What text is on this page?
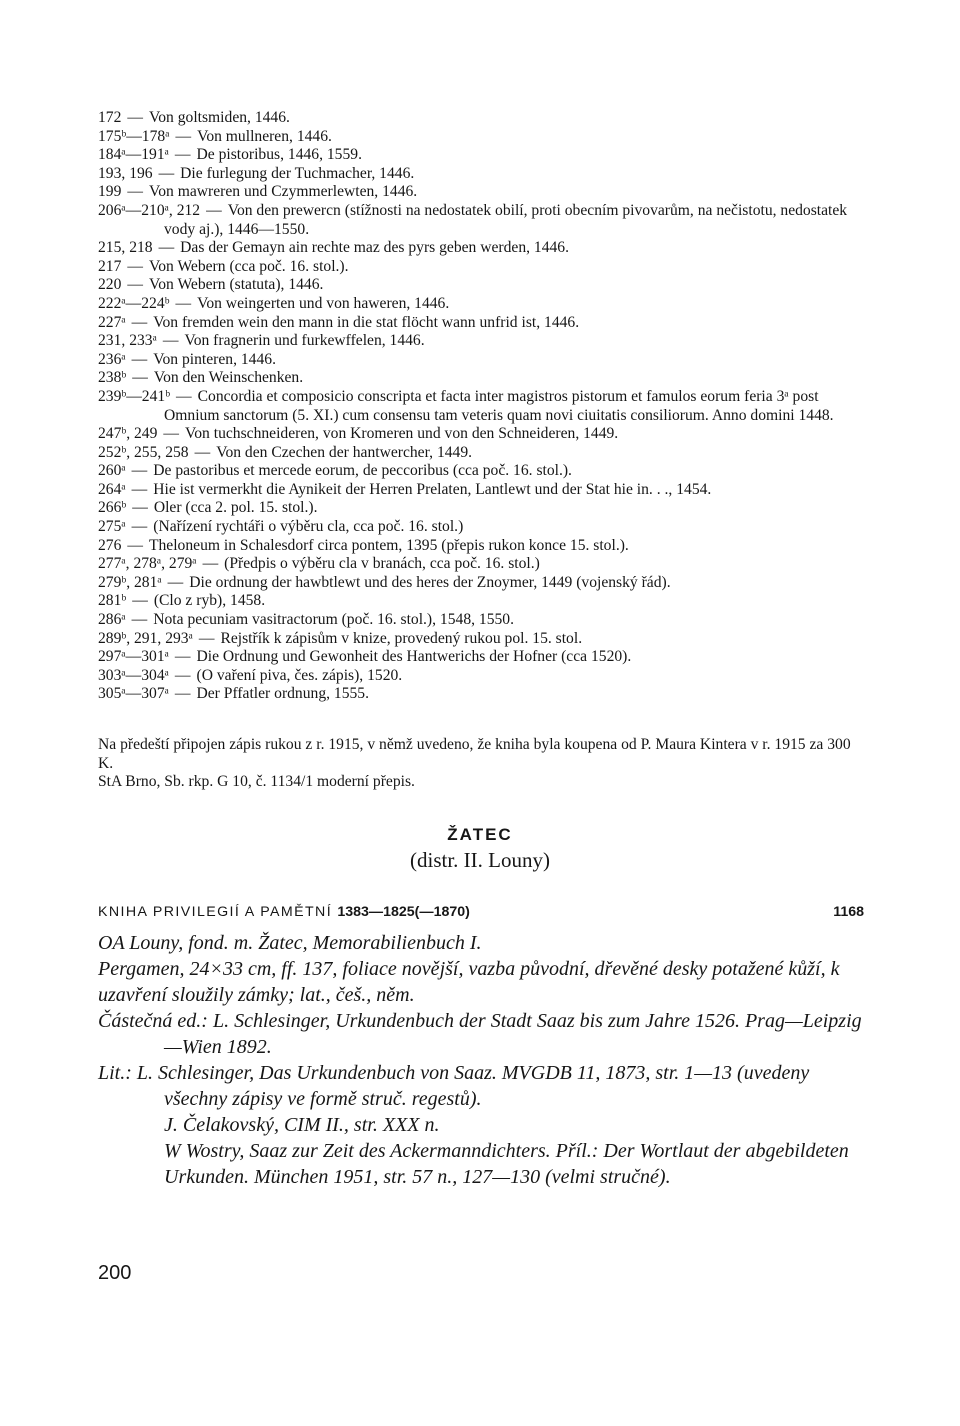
172 — Von goltsmiden, 1446.
175ᵇ—178ᵃ — Von mullneren, 1446.
184ᵃ—191ᵃ — De pistoribus, 1446, 1559.
193, 196 — Die furlegung der Tuchmacher, 1446.
199 — Von mawreren und Czymmerlewten, 1446.
206ᵃ—210ᵃ, 212 — Von den prewercn (stížnosti na nedostatek obilí, proti obecním pivovarům, na nečistotu, nedostatek vody aj.), 1446—1550.
215, 218 — Das der Gemayn ain rechte maz des pyrs geben werden, 1446.
217 — Von Webern (cca poč. 16. stol.).
220 — Von Webern (statuta), 1446.
222ᵃ—224ᵇ — Von weingerten und von haweren, 1446.
227ᵃ — Von fremden wein den mann in die stat flöcht wann unfrid ist, 1446.
231, 233ᵃ — Von fragnerin und furkewffelen, 1446.
236ᵃ — Von pinteren, 1446.
238ᵇ — Von den Weinschenken.
239ᵇ—241ᵇ — Concordia et composicio conscripta et facta inter magistros pistorum et famulos eorum feria 3ᵃ post Omnium sanctorum (5. XI.) cum consensu tam veteris quam novi ciuitatis consiliorum. Anno domini 1448.
247ᵇ, 249 — Von tuchschneideren, von Kromeren und von den Schneideren, 1449.
252ᵇ, 255, 258 — Von den Czechen der hantwercher, 1449.
260ᵃ — De pastoribus et mercede eorum, de peccoribus (cca poč. 16. stol.).
264ᵃ — Hie ist vermerkht die Aynikeit der Herren Prelaten, Lantlewt und der Stat hie in. . ., 1454.
266ᵇ — Oler (cca 2. pol. 15. stol.).
275ᵃ — (Nařízení rychtáři o výběru cla, cca poč. 16. stol.)
276 — Theloneum in Schalesdorf circa pontem, 1395 (přepis rukon konce 15. stol.).
277ᵃ, 278ᵃ, 279ᵃ — (Předpis o výběru cla v branách, cca poč. 16. stol.)
279ᵇ, 281ᵃ — Die ordnung der hawbtlewt und des heres der Znoymer, 1449 (vojenský řád).
281ᵇ — (Clo z ryb), 1458.
286ᵃ — Nota pecuniam vasitractorum (poč. 16. stol.), 1548, 1550.
289ᵇ, 291, 293ᵃ — Rejstřík k zápisům v knize, provedený rukou pol. 15. stol.
297ᵃ—301ᵃ — Die Ordnung und Gewonheit des Hantwerichs der Hofner (cca 1520).
303ᵃ—304ᵃ — (O vaření piva, čes. zápis), 1520.
305ᵃ—307ᵃ — Der Pffatler ordnung, 1555.

Na předeští připojen zápis rukou z r. 1915, v němž uvedeno, že kniha byla koupena od P. Maura Kintera v r. 1915 za 300 K.

StA Brno, Sb. rkp. G 10, č. 1134/1 moderní přepis.

ŽATEC
(distr. II. Louny)
KNIHA PRIVILEGIÍ A PAMĚTNÍ 1383—1825(—1870)	1168

OA Louny, fond. m. Žatec, Memorabilienbuch I.

Pergamen, 24×33 cm, ff. 137, foliace novější, vazba původní, dřevěné desky potažené kůží, k uzavření sloužily zámky; lat., češ., něm.

Částečná ed.: L. Schlesinger, Urkundenbuch der Stadt Saaz bis zum Jahre 1526. Prag—Leipzig—Wien 1892.

Lit.: L. Schlesinger, Das Urkundenbuch von Saaz. MVGDB 11, 1873, str. 1—13 (uvedeny všechny zápisy ve formě struč. regestů).

J. Čelakovský, CIM II., str. XXX n.

W Wostry, Saaz zur Zeit des Ackermanndichters. Příl.: Der Wortlaut der abgebildeten Urkunden. München 1951, str. 57 n., 127—130 (velmi stručné).

200
